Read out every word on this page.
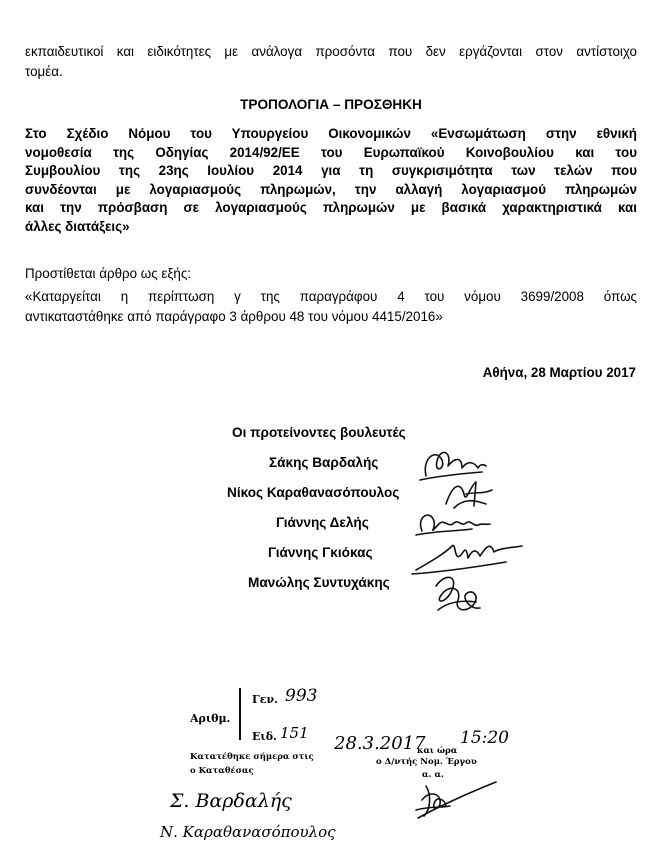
εκπαιδευτικοί και ειδικότητες με ανάλογα προσόντα που δεν εργάζονται στον αντίστοιχο
τομέα.
ΤΡΟΠΟΛΟΓΙΑ – ΠΡΟΣΘΗΚΗ
Στο Σχέδιο Νόμου του Υπουργείου Οικονομικών «Ενσωμάτωση στην εθνική
νομοθεσία της Οδηγίας 2014/92/ΕΕ του Ευρωπαϊκού Κοινοβουλίου και του
Συμβουλίου της 23ης Ιουλίου 2014 για τη συγκρισιμότητα των τελών που
συνδέονται με λογαριασμούς πληρωμών, την αλλαγή λογαριασμού πληρωμών
και την πρόσβαση σε λογαριασμούς πληρωμών με βασικά χαρακτηριστικά και
άλλες διατάξεις»
Προστίθεται άρθρο ως εξής:
«Καταργείται η περίπτωση γ της παραγράφου 4 του νόμου 3699/2008 όπως
αντικαταστάθηκε από παράγραφο 3 άρθρου 48 του νόμου 4415/2016»
Αθήνα, 28 Μαρτίου 2017
Οι προτείνοντες βουλευτές
Σάκης Βαρδαλής
Νίκος Καραθανασόπουλος
Γιάννης Δελής
Γιάννης Γκιόκας
Μανώλης Συντυχάκης
Αριθμ.
Γεν. 993
Ειδ. 151
Κατατέθηκε σήμερα στις
28.3.2017
και ώρα
15:20
ο Καταθέσας
ο Δ/ντής Νομ. Έργου
α. α.
Σ. Βαρδαλής
Ν. Καραθανασόπουλος
